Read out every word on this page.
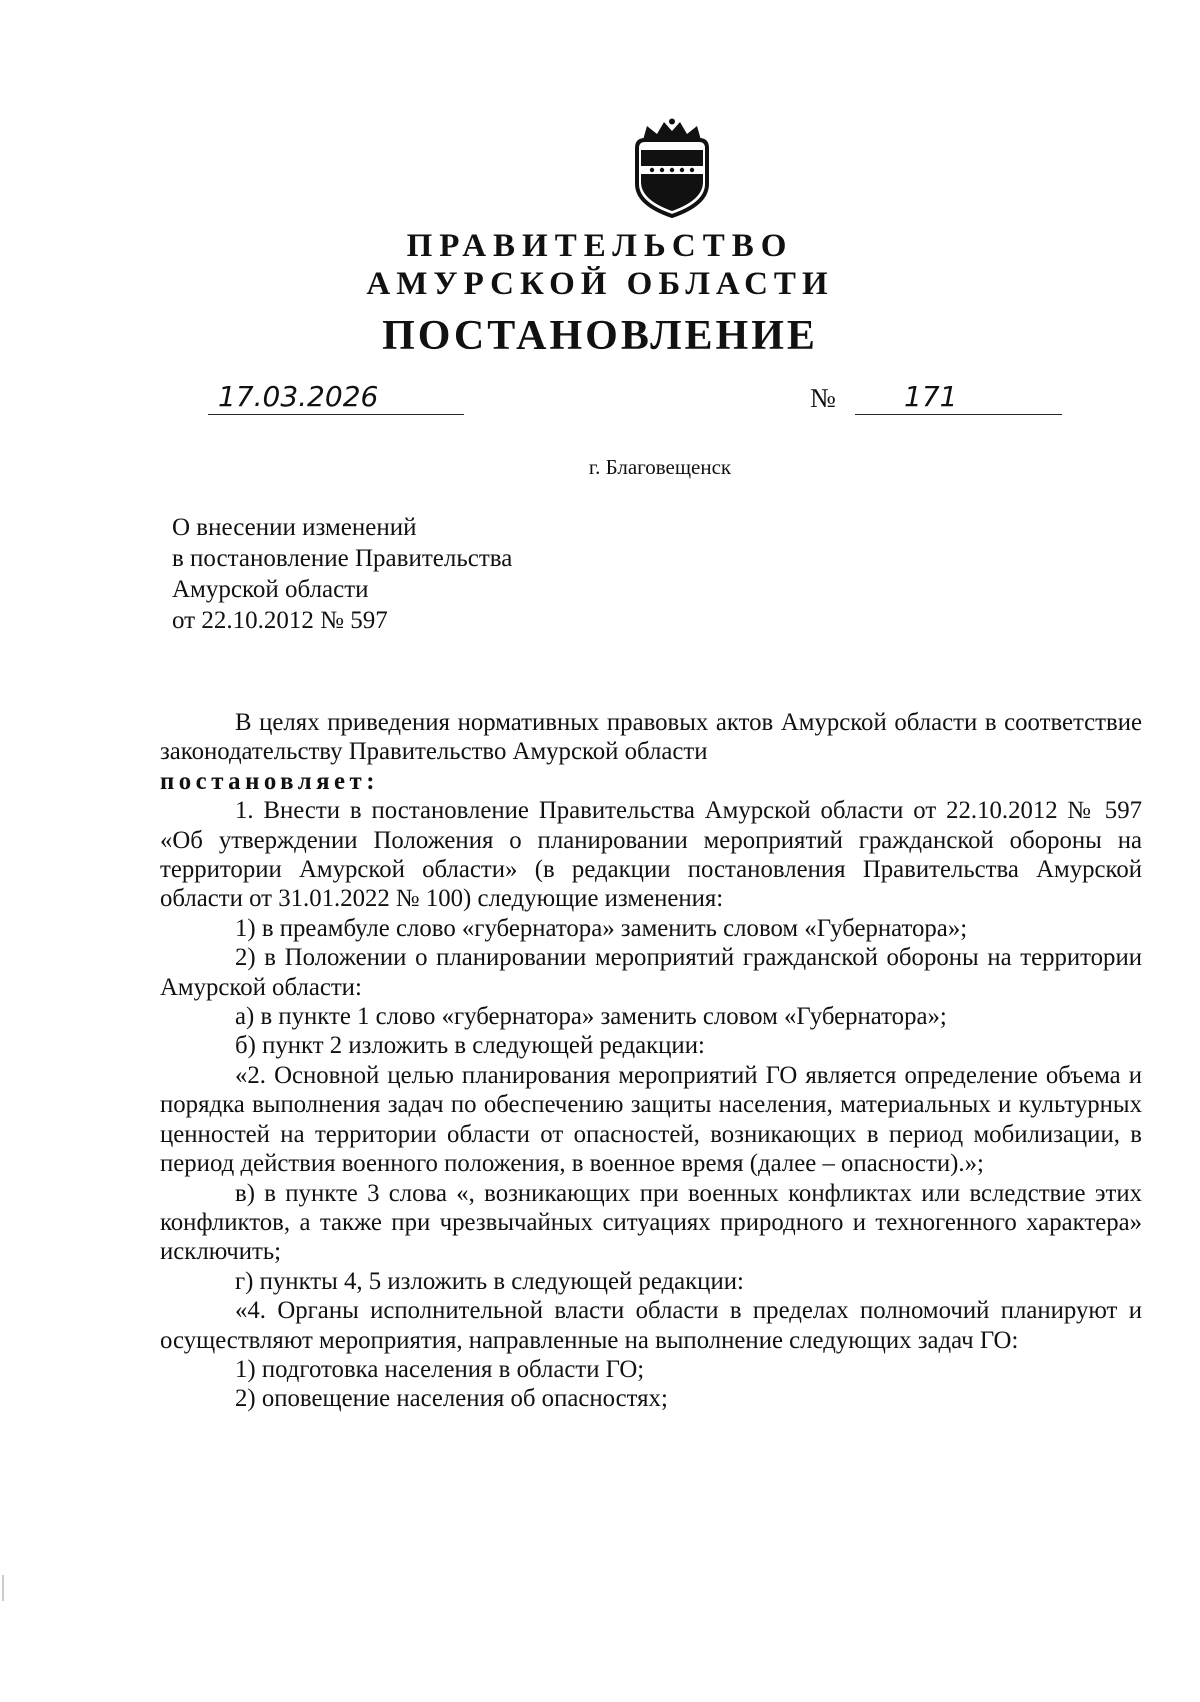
ПРАВИТЕЛЬСТВО
АМУРСКОЙ ОБЛАСТИ
ПОСТАНОВЛЕНИЕ
17.03.2026	№ 171
г. Благовещенск
О внесении изменений
в постановление Правительства
Амурской области
от 22.10.2012 № 597
В целях приведения нормативных правовых актов Амурской области в соответствие законодательству Правительство Амурской области
постановляет:
1. Внести в постановление Правительства Амурской области от 22.10.2012 № 597 «Об утверждении Положения о планировании мероприятий гражданской обороны на территории Амурской области» (в редакции постановления Правительства Амурской области от 31.01.2022 № 100) следующие изменения:
1) в преамбуле слово «губернатора» заменить словом «Губернатора»;
2) в Положении о планировании мероприятий гражданской обороны на территории Амурской области:
а) в пункте 1 слово «губернатора» заменить словом «Губернатора»;
б) пункт 2 изложить в следующей редакции:
«2. Основной целью планирования мероприятий ГО является определение объема и порядка выполнения задач по обеспечению защиты населения, материальных и культурных ценностей на территории области от опасностей, возникающих в период мобилизации, в период действия военного положения, в военное время (далее – опасности).»;
в) в пункте 3 слова «, возникающих при военных конфликтах или вследствие этих конфликтов, а также при чрезвычайных ситуациях природного и техногенного характера» исключить;
г) пункты 4, 5 изложить в следующей редакции:
«4. Органы исполнительной власти области в пределах полномочий планируют и осуществляют мероприятия, направленные на выполнение следующих задач ГО:
1) подготовка населения в области ГО;
2) оповещение населения об опасностях;
